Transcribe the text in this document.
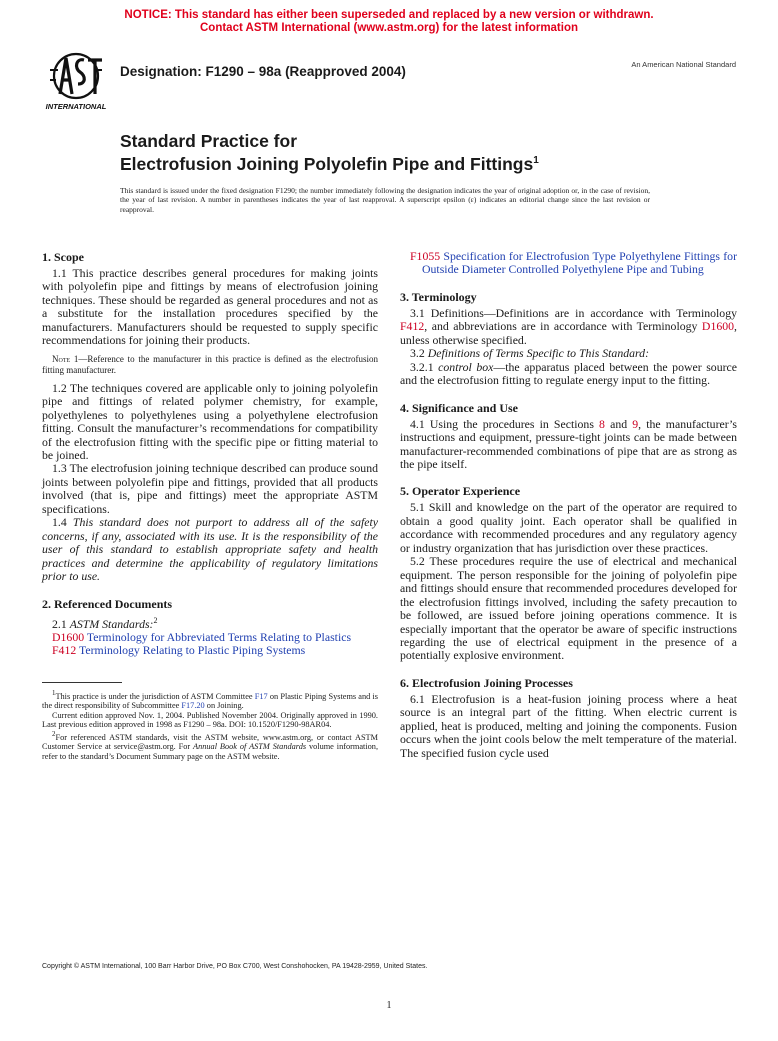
NOTICE: This standard has either been superseded and replaced by a new version or withdrawn.
Contact ASTM International (www.astm.org) for the latest information
INTERNATIONAL
Designation: F1290 – 98a (Reapproved 2004)	An American National Standard
Standard Practice for
Electrofusion Joining Polyolefin Pipe and Fittings$^1$
This standard is issued under the fixed designation F1290; the number immediately following the designation indicates the year of original adoption or, in the case of revision, the year of last revision. A number in parentheses indicates the year of last reapproval. A superscript epsilon (ε) indicates an editorial change since the last revision or reapproval.
1. Scope

1.1 This practice describes general procedures for making joints with polyolefin pipe and fittings by means of electrofusion joining techniques. These should be regarded as general procedures and not as a substitute for the installation procedures specified by the manufacturers. Manufacturers should be requested to supply specific recommendations for joining their products.

Note 1—Reference to the manufacturer in this practice is defined as the electrofusion fitting manufacturer.

1.2 The techniques covered are applicable only to joining polyolefin pipe and fittings of related polymer chemistry, for example, polyethylenes to polyethylenes using a polyethylene electrofusion fitting. Consult the manufacturer’s recommendations for compatibility of the electrofusion fitting with the specific pipe or fitting material to be joined.

1.3 The electrofusion joining technique described can produce sound joints between polyolefin pipe and fittings, provided that all products involved (that is, pipe and fittings) meet the appropriate ASTM specifications.

1.4 This standard does not purport to address all of the safety concerns, if any, associated with its use. It is the responsibility of the user of this standard to establish appropriate safety and health practices and determine the applicability of regulatory limitations prior to use.

2. Referenced Documents

2.1 ASTM Standards:$^2$

D1600 Terminology for Abbreviated Terms Relating to Plastics

F412 Terminology Relating to Plastic Piping Systems

$^1$This practice is under the jurisdiction of ASTM Committee F17 on Plastic Piping Systems and is the direct responsibility of Subcommittee F17.20 on Joining.

Current edition approved Nov. 1, 2004. Published November 2004. Originally approved in 1990. Last previous edition approved in 1998 as F1290 – 98a. DOI: 10.1520/F1290-98AR04.

$^2$For referenced ASTM standards, visit the ASTM website, www.astm.org, or contact ASTM Customer Service at service@astm.org. For Annual Book of ASTM Standards volume information, refer to the standard’s Document Summary page on the ASTM website.

F1055 Specification for Electrofusion Type Polyethylene Fittings for Outside Diameter Controlled Polyethylene Pipe and Tubing

3. Terminology

3.1 Definitions—Definitions are in accordance with Terminology F412, and abbreviations are in accordance with Terminology D1600, unless otherwise specified.

3.2 Definitions of Terms Specific to This Standard:

3.2.1 control box—the apparatus placed between the power source and the electrofusion fitting to regulate energy input to the fitting.

4. Significance and Use

4.1 Using the procedures in Sections 8 and 9, the manufacturer’s instructions and equipment, pressure-tight joints can be made between manufacturer-recommended combinations of pipe that are as strong as the pipe itself.

5. Operator Experience

5.1 Skill and knowledge on the part of the operator are required to obtain a good quality joint. Each operator shall be qualified in accordance with recommended procedures and any regulatory agency or industry organization that has jurisdiction over these practices.

5.2 These procedures require the use of electrical and mechanical equipment. The person responsible for the joining of polyolefin pipe and fittings should ensure that recommended procedures developed for the electrofusion fittings involved, including the safety precaution to be followed, are issued before joining operations commence. It is especially important that the operator be aware of specific instructions regarding the use of electrical equipment in the presence of a potentially explosive environment.

6. Electrofusion Joining Processes

6.1 Electrofusion is a heat-fusion joining process where a heat source is an integral part of the fitting. When electric current is applied, heat is produced, melting and joining the components. Fusion occurs when the joint cools below the melt temperature of the material. The specified fusion cycle used

Copyright © ASTM International, 100 Barr Harbor Drive, PO Box C700, West Conshohocken, PA 19428-2959, United States.
1
